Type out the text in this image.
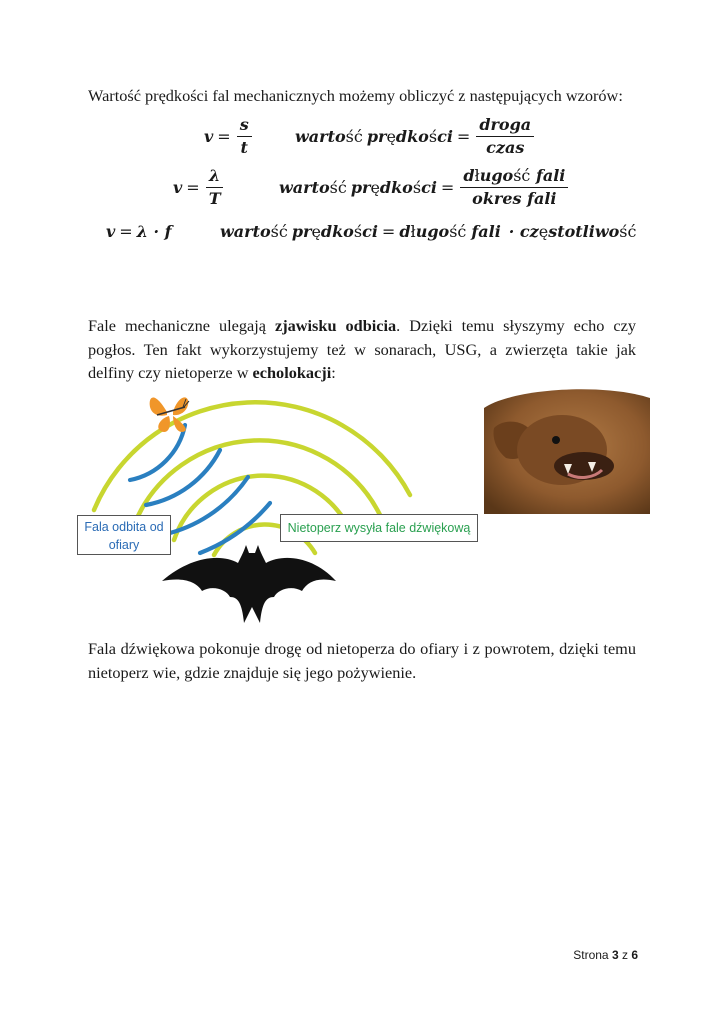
Wartość prędkości fal mechanicznych możemy obliczyć z następujących wzorów:
$v = \frac{s}{t}$	warto ść pr ę dko ś ci = $\frac{\text{droga}}{\text{czas}}$
$v = \frac{\lambda}{T}$	warto ść pr ę dko ś ci = $\frac{\text{długość fali}}{\text{okres fali}}$
v = λ · f	warto ść pr ę dko ś ci = d ł ugo ść fali · cz ę stotliwo ść
Fale mechaniczne ulegają zjawisku odbicia. Dzięki temu słyszymy echo czy pogłos. Ten fakt wykorzystujemy też w sonarach, USG, a zwierzęta takie jak delfiny czy nietoperze w echolokacji:
Fala odbita od ofiary
Nietoperz wysyła fale dźwiękową
Fala dźwiękowa pokonuje drogę od nietoperza do ofiary i z powrotem, dzięki temu nietoperz wie, gdzie znajduje się jego pożywienie.
Strona 3 z 6
